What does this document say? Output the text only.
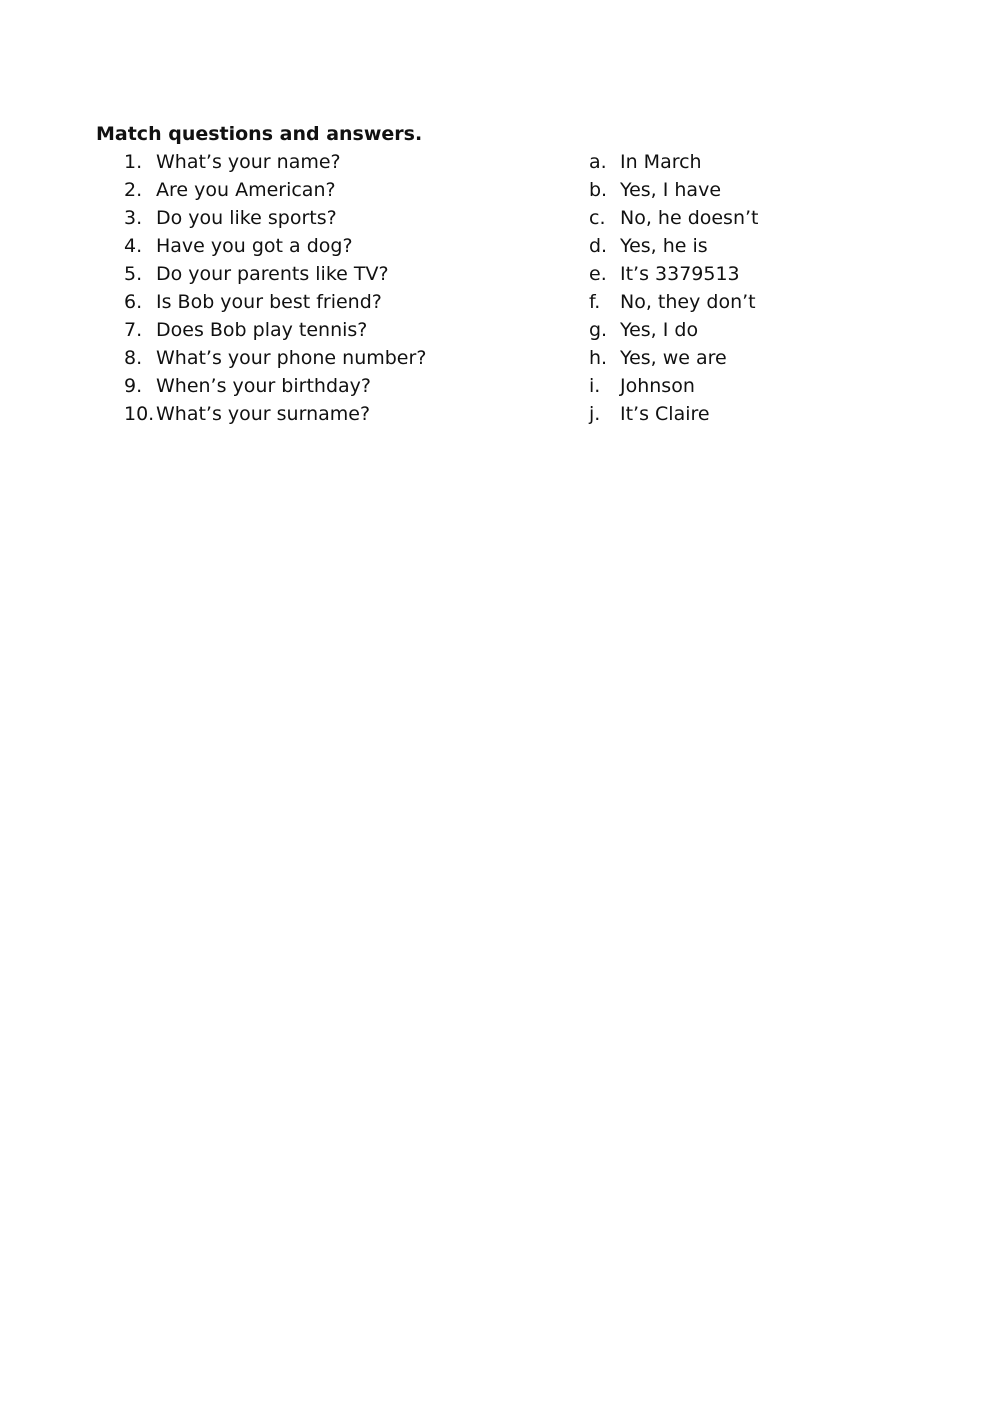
Match questions and answers.
1. What’s your name?
2. Are you American?
3. Do you like sports?
4. Have you got a dog?
5. Do your parents like TV?
6. Is Bob your best friend?
7. Does Bob play tennis?
8. What’s your phone number?
9. When’s your birthday?
10. What’s your surname?
a. In March
b. Yes, I have
c. No, he doesn’t
d. Yes, he is
e. It’s 3379513
f.	No, they don’t
g. Yes, I do
h. Yes, we are
i.	Johnson
j.	It’s Claire
